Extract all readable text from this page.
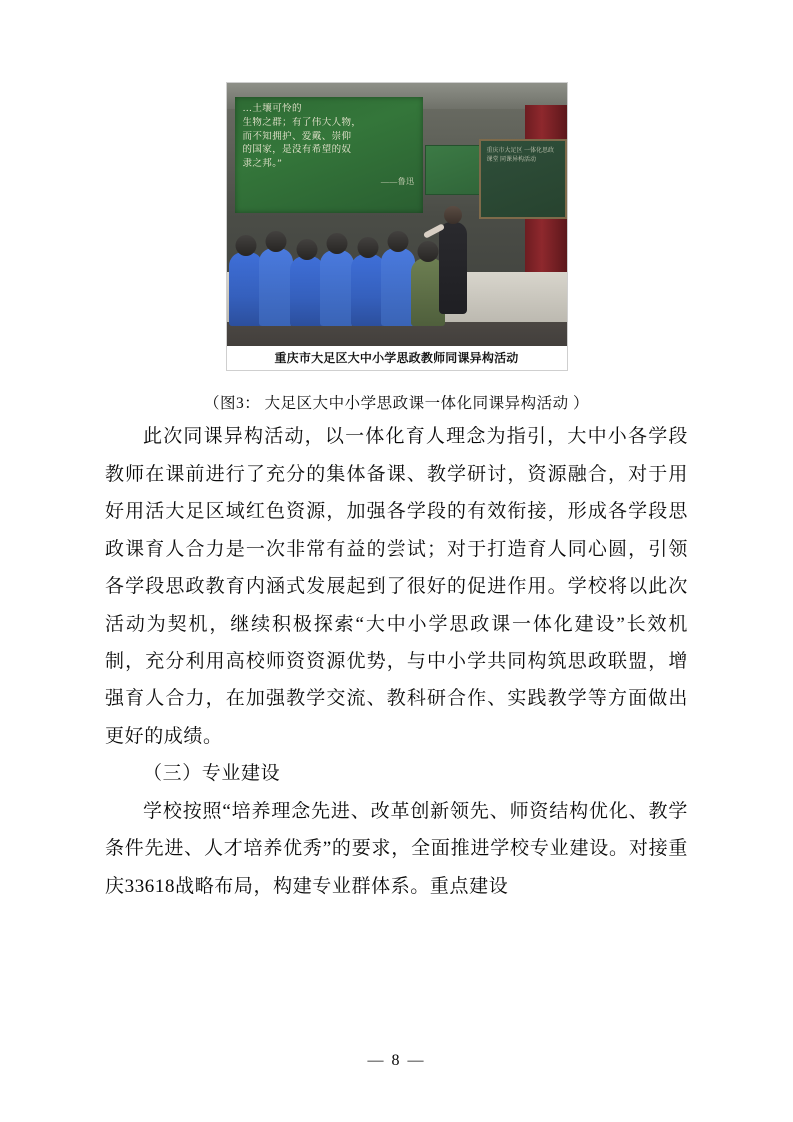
…土壤可怜的
生物之群；有了伟大人物，
而不知拥护、爱戴、崇仰
的国家，是没有希望的奴
隶之邦。”
——鲁迅
重庆市大足区 一体化思政课堂 同课异构活动
重庆市大足区大中小学思政教师同课异构活动
（图3： 大足区大中小学思政课一体化同课异构活动 ）

此次同课异构活动，以一体化育人理念为指引，大中小各学段教师在课前进行了充分的集体备课、教学研讨，资源融合，对于用好用活大足区域红色资源，加强各学段的有效衔接，形成各学段思政课育人合力是一次非常有益的尝试；对于打造育人同心圆，引领各学段思政教育内涵式发展起到了很好的促进作用。学校将以此次活动为契机，继续积极探索“大中小学思政课一体化建设”长效机制，充分利用高校师资资源优势，与中小学共同构筑思政联盟，增强育人合力，在加强教学交流、教科研合作、实践教学等方面做出更好的成绩。

（三）专业建设

学校按照“培养理念先进、改革创新领先、师资结构优化、教学条件先进、人才培养优秀”的要求，全面推进学校专业建设。对接重庆33618战略布局，构建专业群体系。重点建设

— 8 —
